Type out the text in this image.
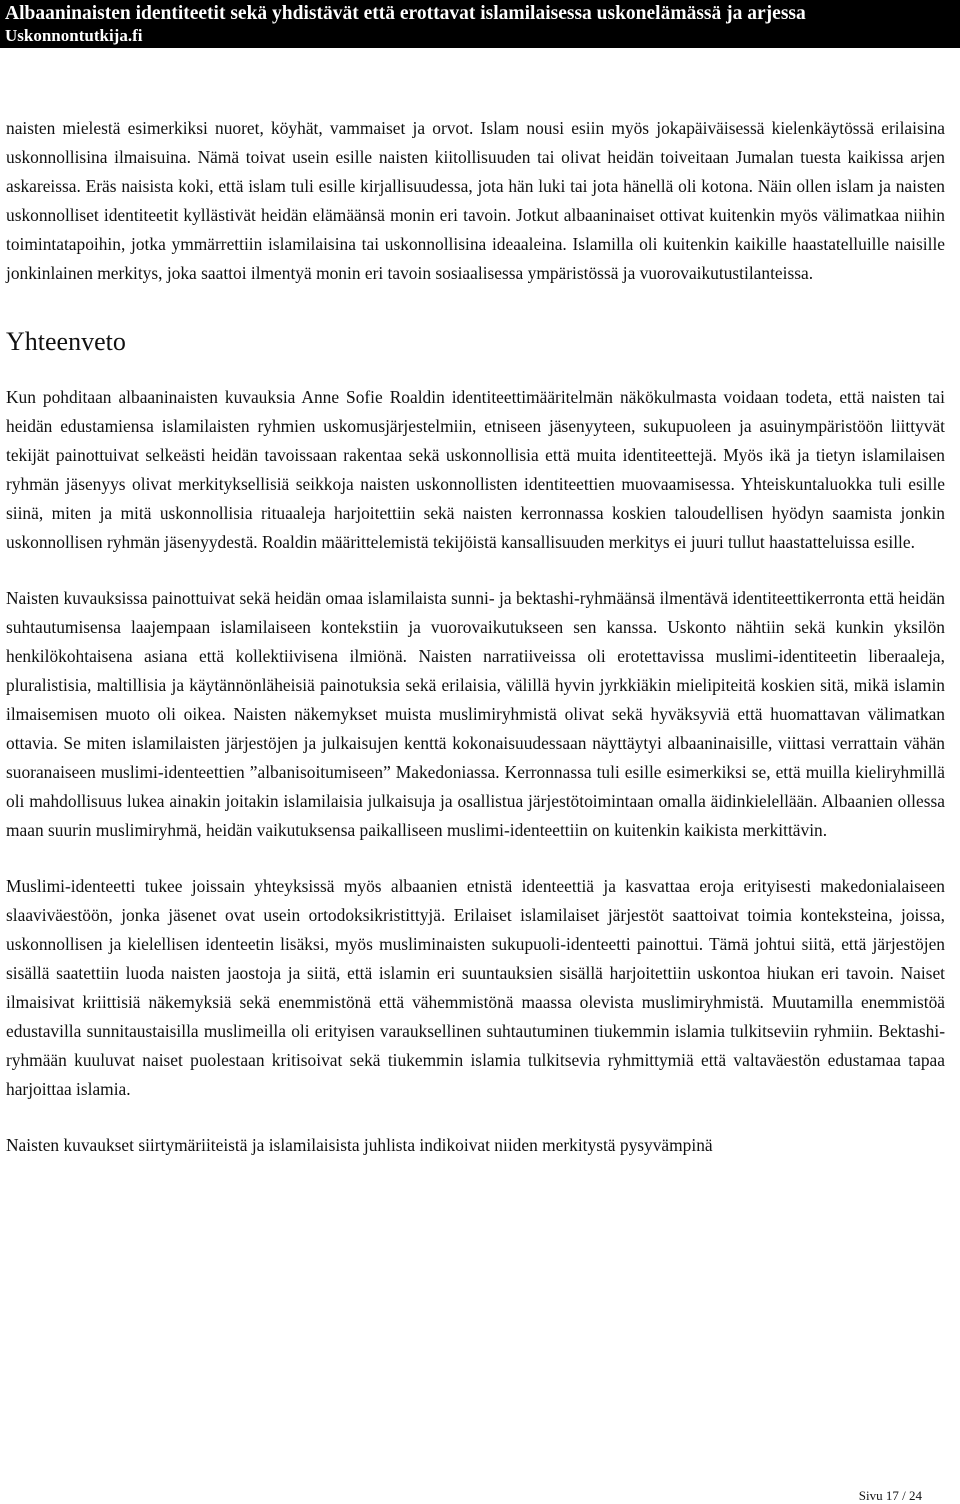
Albaaninaisten identiteetit sekä yhdistävät että erottavat islamilaisessa uskonelämässä ja arjessa
Uskonnontutkija.fi

naisten mielestä esimerkiksi nuoret, köyhät, vammaiset ja orvot. Islam nousi esiin myös jokapäiväisessä kielenkäytössä erilaisina uskonnollisina ilmaisuina. Nämä toivat usein esille naisten kiitollisuuden tai olivat heidän toiveitaan Jumalan tuesta kaikissa arjen askareissa. Eräs naisista koki, että islam tuli esille kirjallisuudessa, jota hän luki tai jota hänellä oli kotona. Näin ollen islam ja naisten uskonnolliset identiteetit kyllästivät heidän elämäänsä monin eri tavoin. Jotkut albaaninaiset ottivat kuitenkin myös välimatkaa niihin toimintatapoihin, jotka ymmärrettiin islamilaisina tai uskonnollisina ideaaleina. Islamilla oli kuitenkin kaikille haastatelluille naisille jonkinlainen merkitys, joka saattoi ilmentyä monin eri tavoin sosiaalisessa ympäristössä ja vuorovaikutustilanteissa.

Yhteenveto

Kun pohditaan albaaninaisten kuvauksia Anne Sofie Roaldin identiteettimääritelmän näkökulmasta voidaan todeta, että naisten tai heidän edustamiensa islamilaisten ryhmien uskomusjärjestelmiin, etniseen jäsenyyteen, sukupuoleen ja asuinympäristöön liittyvät tekijät painottuivat selkeästi heidän tavoissaan rakentaa sekä uskonnollisia että muita identiteettejä. Myös ikä ja tietyn islamilaisen ryhmän jäsenyys olivat merkityksellisiä seikkoja naisten uskonnollisten identiteettien muovaamisessa. Yhteiskuntaluokka tuli esille siinä, miten ja mitä uskonnollisia rituaaleja harjoitettiin sekä naisten kerronnassa koskien taloudellisen hyödyn saamista jonkin uskonnollisen ryhmän jäsenyydestä. Roaldin määrittelemistä tekijöistä kansallisuuden merkitys ei juuri tullut haastatteluissa esille.

Naisten kuvauksissa painottuivat sekä heidän omaa islamilaista sunni- ja bektashi-ryhmäänsä ilmentävä identiteettikerronta että heidän suhtautumisensa laajempaan islamilaiseen kontekstiin ja vuorovaikutukseen sen kanssa. Uskonto nähtiin sekä kunkin yksilön henkilökohtaisena asiana että kollektiivisena ilmiönä. Naisten narratiiveissa oli erotettavissa muslimi-identiteetin liberaaleja, pluralistisia, maltillisia ja käytännönläheisiä painotuksia sekä erilaisia, välillä hyvin jyrkkiäkin mielipiteitä koskien sitä, mikä islamin ilmaisemisen muoto oli oikea. Naisten näkemykset muista muslimiryhmistä olivat sekä hyväksyviä että huomattavan välimatkan ottavia. Se miten islamilaisten järjestöjen ja julkaisujen kenttä kokonaisuudessaan näyttäytyi albaaninaisille, viittasi verrattain vähän suoranaiseen muslimi-identeettien ”albanisoitumiseen” Makedoniassa. Kerronnassa tuli esille esimerkiksi se, että muilla kieliryhmillä oli mahdollisuus lukea ainakin joitakin islamilaisia julkaisuja ja osallistua järjestötoimintaan omalla äidinkielellään. Albaanien ollessa maan suurin muslimiryhmä, heidän vaikutuksensa paikalliseen muslimi-identeettiin on kuitenkin kaikista merkittävin.

Muslimi-identeetti tukee joissain yhteyksissä myös albaanien etnistä identeettiä ja kasvattaa eroja erityisesti makedonialaiseen slaaviväestöön, jonka jäsenet ovat usein ortodoksikristittyjä. Erilaiset islamilaiset järjestöt saattoivat toimia konteksteina, joissa, uskonnollisen ja kielellisen identeetin lisäksi, myös musliminaisten sukupuoli-identeetti painottui. Tämä johtui siitä, että järjestöjen sisällä saatettiin luoda naisten jaostoja ja siitä, että islamin eri suuntauksien sisällä harjoitettiin uskontoa hiukan eri tavoin. Naiset ilmaisivat kriittisiä näkemyksiä sekä enemmistönä että vähemmistönä maassa olevista muslimiryhmistä. Muutamilla enemmistöä edustavilla sunnitaustaisilla muslimeilla oli erityisen varauksellinen suhtautuminen tiukemmin islamia tulkitseviin ryhmiin. Bektashi-ryhmään kuuluvat naiset puolestaan kritisoivat sekä tiukemmin islamia tulkitsevia ryhmittymiä että valtaväestön edustamaa tapaa harjoittaa islamia.

Naisten kuvaukset siirtymäriiteistä ja islamilaisista juhlista indikoivat niiden merkitystä pysyvämpinä

Sivu 17 / 24
